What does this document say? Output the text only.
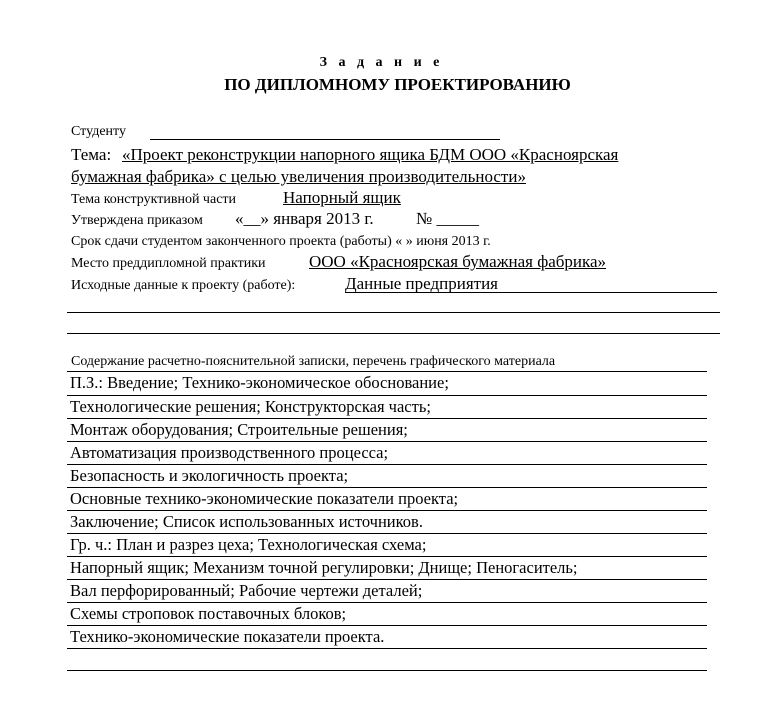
З а д а н и е
ПО ДИПЛОМНОМУ ПРОЕКТИРОВАНИЮ
Студенту
Тема: «Проект реконструкции напорного ящика БДМ ООО «Красноярская
бумажная фабрика» с целью увеличения производительности»
Тема конструктивной части	Напорный ящик
Утверждена приказом «__» января 2013 г. № _____
Срок сдачи студентом законченного проекта (работы) « » июня 2013 г.
Место преддипломной практики	ООО «Красноярская бумажная фабрика»
Исходные данные к проекту (работе):	Данные предприятия
Содержание расчетно-пояснительной записки, перечень графического материала
П.З.: Введение; Технико-экономическое обоснование;
Технологические решения; Конструкторская часть;
Монтаж оборудования; Строительные решения;
Автоматизация производственного процесса;
Безопасность и экологичность проекта;
Основные технико-экономические показатели проекта;
Заключение; Список использованных источников.
Гр. ч.: План и разрез цеха; Технологическая схема;
Напорный ящик; Механизм точной регулировки; Днище; Пеногаситель;
Вал перфорированный; Рабочие чертежи деталей;
Схемы строповок поставочных блоков;
Технико-экономические показатели проекта.
